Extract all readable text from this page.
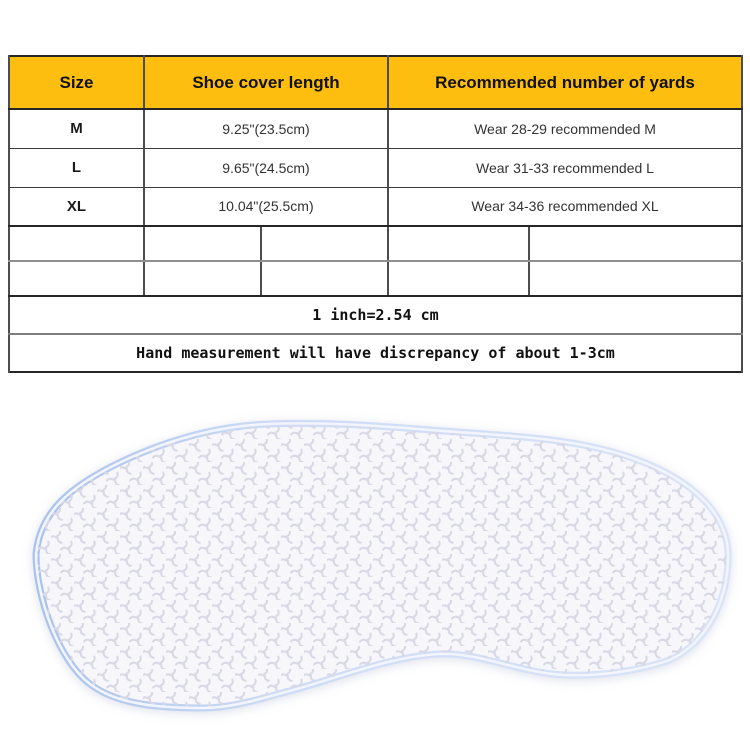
Size	Shoe cover length		Recommended number of yards	
M	9.25"(23.5cm)		Wear 28-29 recommended M	
L	9.65"(24.5cm)		Wear 31-33 recommended L	
XL	10.04"(25.5cm)		Wear 34-36 recommended XL	

1 inch=2.54 cm				
Hand measurement will have discrepancy of about 1-3cm				
